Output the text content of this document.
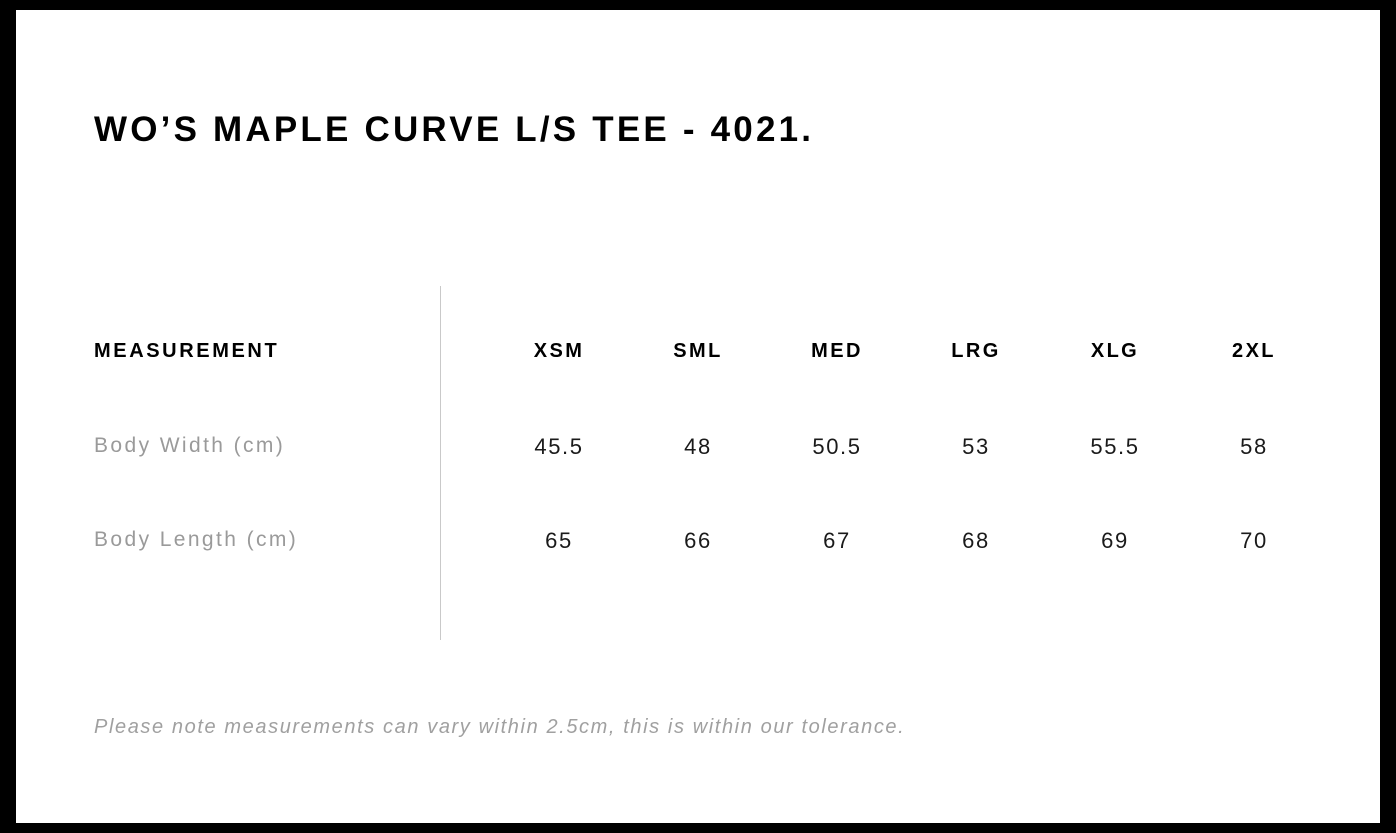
WO’S MAPLE CURVE L/S TEE - 4021.
MEASUREMENT	XSM	SML	MED	LRG	XLG	2XL
Body Width (cm)	45.5	48	50.5	53	55.5	58
Body Length (cm)	65	66	67	68	69	70
Please note measurements can vary within 2.5cm, this is within our tolerance.
